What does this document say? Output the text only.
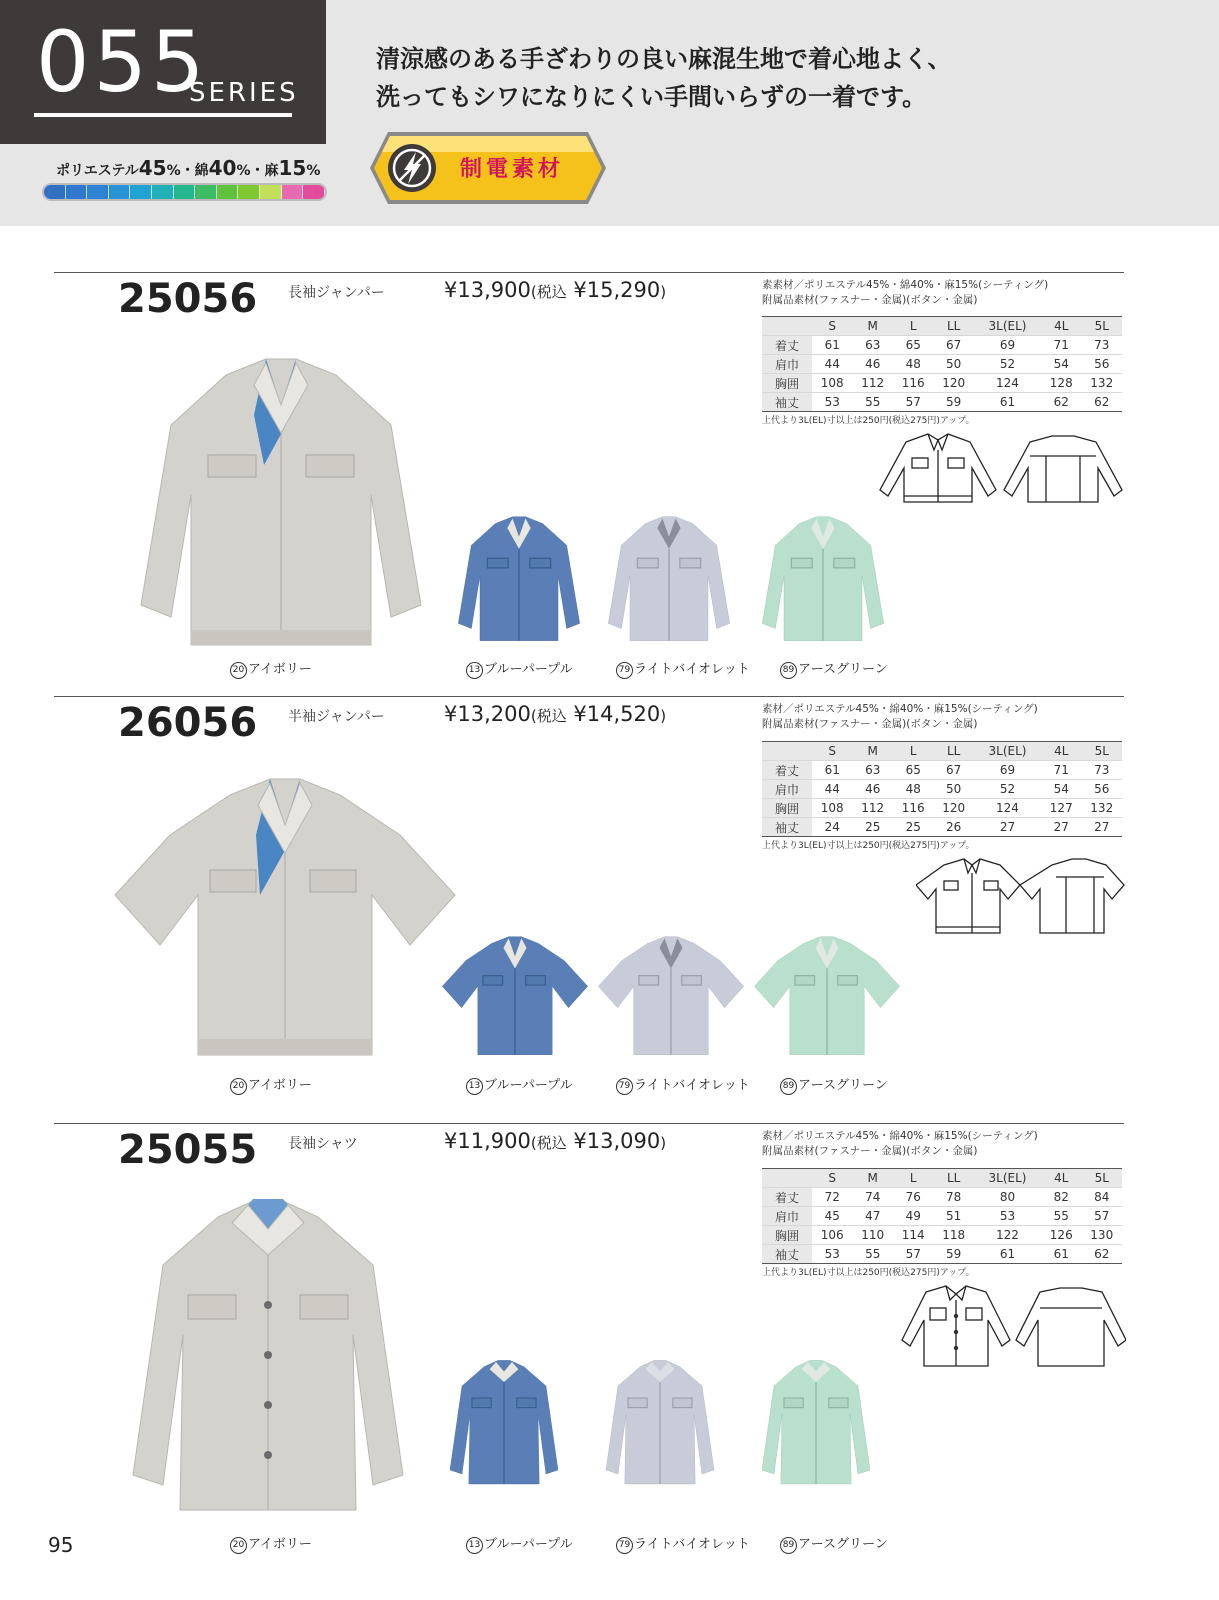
055
SERIES
ポリエステル45%・綿40%・麻15%
清涼感のある手ざわりの良い麻混生地で着心地よく、
洗ってもシワになりにくい手間いらずの一着です。
制電素材
25056 長袖ジャンパー	¥13,900(税込 ¥15,290)	素素材／ポリエステル45%・綿40%・麻15%(シーティング)
附属品素材(ファスナー・金属)(ボタン・金属)
	S	M	L	LL	3L(EL)	4L	5L
着丈	61	63	65	67	69	71	73
肩巾	44	46	48	50	52	54	56
胸囲	108	112	116	120	124	128	132
袖丈	53	55	57	59	61	62	62
上代より3L(EL)寸以上は250円(税込275円)アップ。
20 アイボリー	13 ブルーパープル	79 ライトバイオレット	89 アースグリーン
26056 半袖ジャンパー	¥13,200(税込 ¥14,520)	素材／ポリエステル45%・綿40%・麻15%(シーティング)
附属品素材(ファスナー・金属)(ボタン・金属)
	S	M	L	LL	3L(EL)	4L	5L
着丈	61	63	65	67	69	71	73
肩巾	44	46	48	50	52	54	56
胸囲	108	112	116	120	124	127	132
袖丈	24	25	25	26	27	27	27
上代より3L(EL)寸以上は250円(税込275円)アップ。
20 アイボリー	13 ブルーパープル	79 ライトバイオレット	89 アースグリーン
25055 長袖シャツ	¥11,900(税込 ¥13,090)	素材／ポリエステル45%・綿40%・麻15%(シーティング)
附属品素材(ファスナー・金属)(ボタン・金属)
	S	M	L	LL	3L(EL)	4L	5L
着丈	72	74	76	78	80	82	84
肩巾	45	47	49	51	53	55	57
胸囲	106	110	114	118	122	126	130
袖丈	53	55	57	59	61	61	62
上代より3L(EL)寸以上は250円(税込275円)アップ。
20 アイボリー	13 ブルーパープル	79 ライトバイオレット	89 アースグリーン
95
